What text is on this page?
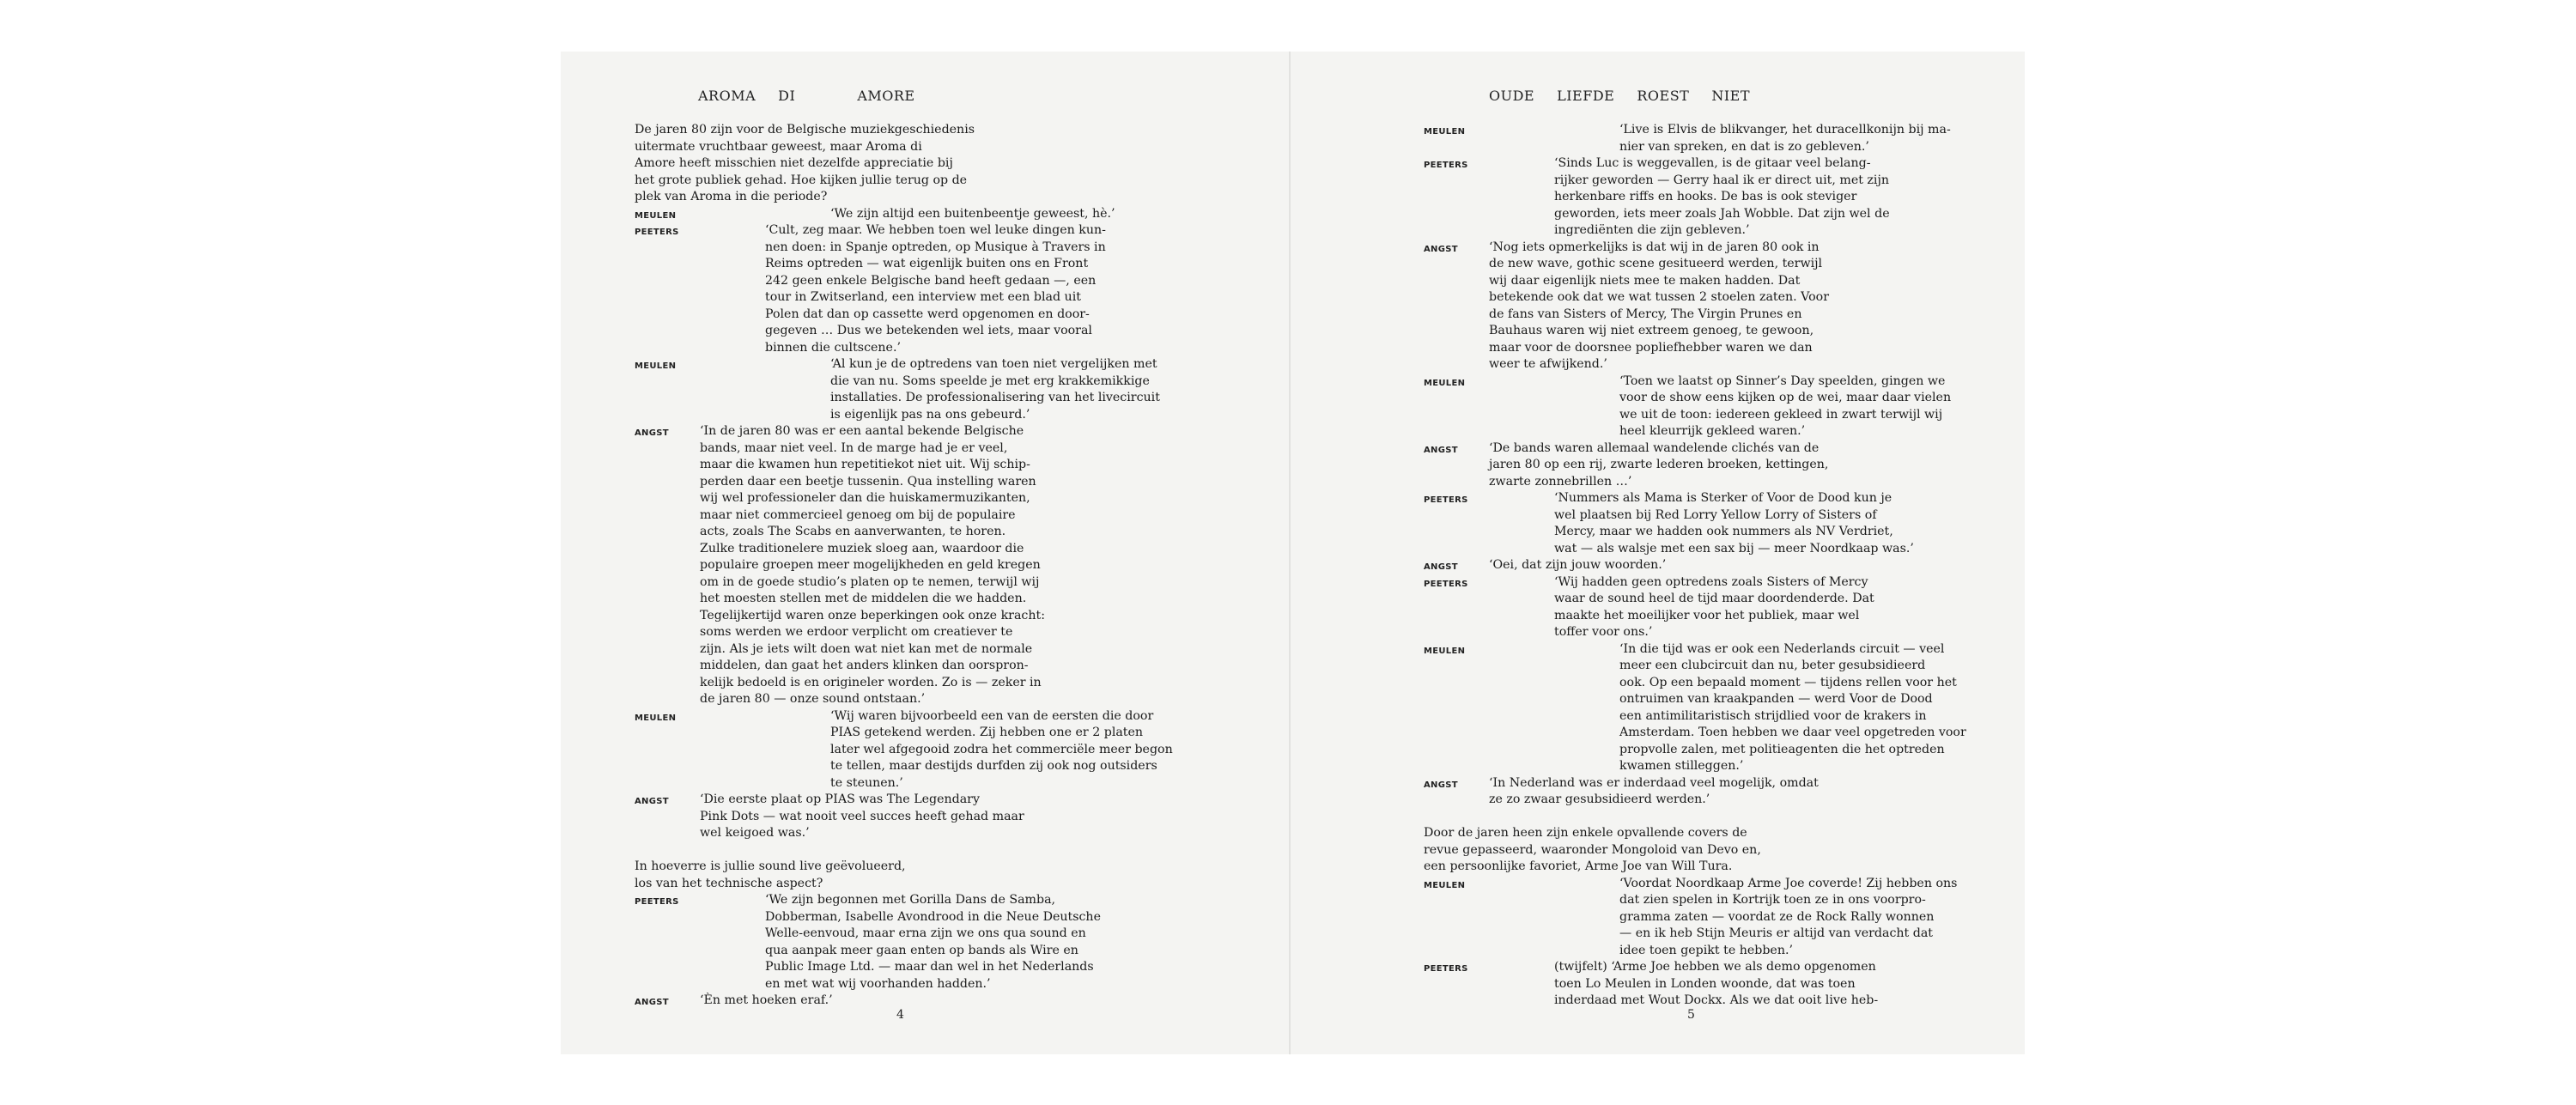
AROMA DI	AMORE
De jaren 80 zijn voor de Belgische muziekgeschiedenis
uitermate vruchtbaar geweest, maar Aroma di
Amore heeft misschien niet dezelfde appreciatie bij
het grote publiek gehad. Hoe kijken jullie terug op de
plek van Aroma in die periode?
MEULEN	‘We zijn altijd een buitenbeentje geweest, hè.’
PEETERS	‘Cult, zeg maar. We hebben toen wel leuke dingen kun-
nen doen: in Spanje optreden, op Musique à Travers in
Reims optreden — wat eigenlijk buiten ons en Front
242 geen enkele Belgische band heeft gedaan —, een
tour in Zwitserland, een interview met een blad uit
Polen dat dan op cassette werd opgenomen en door-
gegeven … Dus we betekenden wel iets, maar vooral
binnen die cultscene.’
MEULEN	‘Al kun je de optredens van toen niet vergelijken met
die van nu. Soms speelde je met erg krakkemikkige
installaties. De professionalisering van het livecircuit
is eigenlijk pas na ons gebeurd.’
ANGST	‘In de jaren 80 was er een aantal bekende Belgische
bands, maar niet veel. In de marge had je er veel,
maar die kwamen hun repetitiekot niet uit. Wij schip-
perden daar een beetje tussenin. Qua instelling waren
wij wel professioneler dan die huiskamermuzikanten,
maar niet commercieel genoeg om bij de populaire
acts, zoals The Scabs en aanverwanten, te horen.
Zulke traditionelere muziek sloeg aan, waardoor die
populaire groepen meer mogelijkheden en geld kregen
om in de goede studio’s platen op te nemen, terwijl wij
het moesten stellen met de middelen die we hadden.
Tegelijkertijd waren onze beperkingen ook onze kracht:
soms werden we erdoor verplicht om creatiever te
zijn. Als je iets wilt doen wat niet kan met de normale
middelen, dan gaat het anders klinken dan oorspron-
kelijk bedoeld is en origineler worden. Zo is — zeker in
de jaren 80 — onze sound ontstaan.’
MEULEN	‘Wij waren bijvoorbeeld een van de eersten die door
PIAS getekend werden. Zij hebben one er 2 platen
later wel afgegooid zodra het commerciële meer begon
te tellen, maar destijds durfden zij ook nog outsiders
te steunen.’
ANGST	‘Die eerste plaat op PIAS was The Legendary
Pink Dots — wat nooit veel succes heeft gehad maar
wel keigoed was.’
In hoeverre is jullie sound live geëvolueerd,
los van het technische aspect?
PEETERS	‘We zijn begonnen met Gorilla Dans de Samba,
Dobberman, Isabelle Avondrood in die Neue Deutsche
Welle-eenvoud, maar ernа zijn we ons qua sound en
qua aanpak meer gaan enten op bands als Wire en
Public Image Ltd. — maar dan wel in het Nederlands
en met wat wij voorhanden hadden.’
ANGST	‘Èn met hoeken eraf.’
4
OUDE LIEFDE ROEST NIET
MEULEN	‘Live is Elvis de blikvanger, het duracellkonijn bij ma-
nier van spreken, en dat is zo gebleven.’
PEETERS	‘Sinds Luc is weggevallen, is de gitaar veel belang-
rijker geworden — Gerry haal ik er direct uit, met zijn
herkenbare riffs en hooks. De bas is ook steviger
geworden, iets meer zoals Jah Wobble. Dat zijn wel de
ingrediënten die zijn gebleven.’
ANGST	‘Nog iets opmerkelijks is dat wij in de jaren 80 ook in
de new wave, gothic scene gesitueerd werden, terwijl
wij daar eigenlijk niets mee te maken hadden. Dat
betekende ook dat we wat tussen 2 stoelen zaten. Voor
de fans van Sisters of Mercy, The Virgin Prunes en
Bauhaus waren wij niet extreem genoeg, te gewoon,
maar voor de doorsnee popliefhebber waren we dan
weer te afwijkend.’
MEULEN	‘Toen we laatst op Sinner’s Day speelden, gingen we
voor de show eens kijken op de wei, maar daar vielen
we uit de toon: iedereen gekleed in zwart terwijl wij
heel kleurrijk gekleed waren.’
ANGST	‘De bands waren allemaal wandelende clichés van de
jaren 80 op een rij, zwarte lederen broeken, kettingen,
zwarte zonnebrillen …’
PEETERS	‘Nummers als Mama is Sterker of Voor de Dood kun je
wel plaatsen bij Red Lorry Yellow Lorry of Sisters of
Mercy, maar we hadden ook nummers als NV Verdriet,
wat — als walsje met een sax bij — meer Noordkaap was.’
ANGST	‘Oei, dat zijn jouw woorden.’
PEETERS	‘Wij hadden geen optredens zoals Sisters of Mercy
waar de sound heel de tijd maar doordenderde. Dat
maakte het moeilijker voor het publiek, maar wel
toffer voor ons.’
MEULEN	‘In die tijd was er ook een Nederlands circuit — veel
meer een clubcircuit dan nu, beter gesubsidieerd
ook. Op een bepaald moment — tijdens rellen voor het
ontruimen van kraakpanden — werd Voor de Dood
een antimilitaristisch strijdlied voor de krakers in
Amsterdam. Toen hebben we daar veel opgetreden voor
propvolle zalen, met politieagenten die het optreden
kwamen stilleggen.’
ANGST	‘In Nederland was er inderdaad veel mogelijk, omdat
ze zo zwaar gesubsidieerd werden.’
Door de jaren heen zijn enkele opvallende covers de
revue gepasseerd, waaronder Mongoloid van Devo en,
een persoonlijke favoriet, Arme Joe van Will Tura.
MEULEN	‘Voordat Noordkaap Arme Joe coverde! Zij hebben ons
dat zien spelen in Kortrijk toen ze in ons voorpro-
gramma zaten — voordat ze de Rock Rally wonnen
— en ik heb Stijn Meuris er altijd van verdacht dat
idee toen gepikt te hebben.’
PEETERS	(twijfelt) ‘Arme Joe hebben we als demo opgenomen
toen Lo Meulen in Londen woonde, dat was toen
inderdaad met Wout Dockx. Als we dat ooit live heb-
5
